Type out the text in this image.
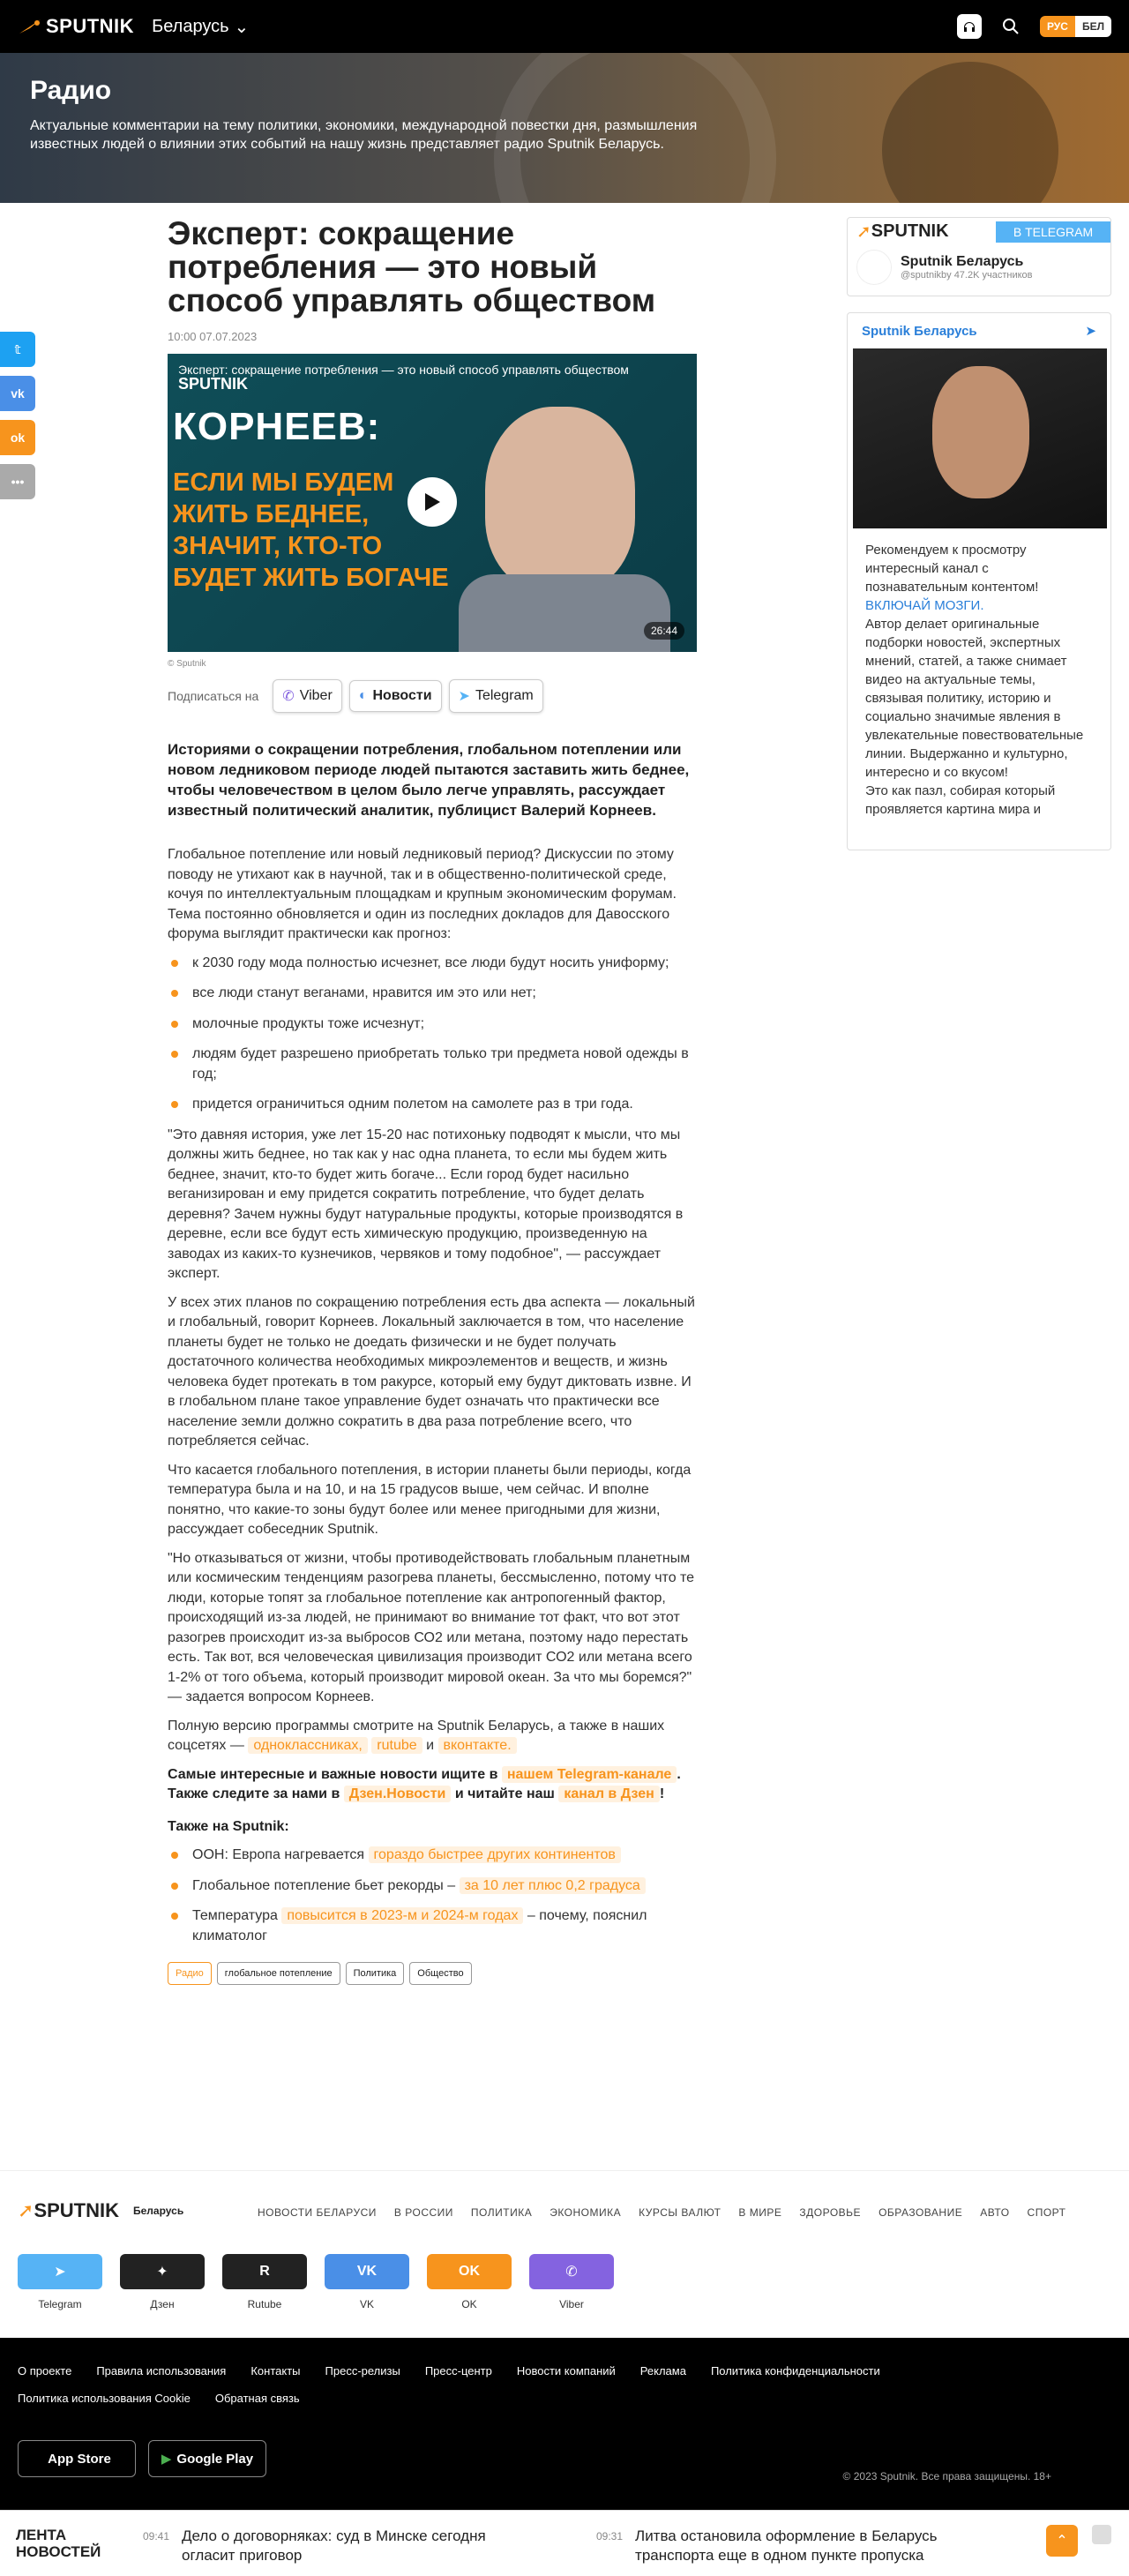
SPUTNIK Беларусь ⌄	РУС	БЕЛ
Радио

Актуальные комментарии на тему политики, экономики, международной повестки дня, размышления известных людей о влиянии этих событий на нашу жизнь представляет радио Sputnik Беларусь.

𝕥
vk
ok
•••
Эксперт: сокращение потребления — это новый способ управлять обществом
10:00 07.07.2023
Эксперт: сокращение потребления — это новый способ управлять обществом
SPUTNIK
КОРНЕЕВ:
ЕСЛИ МЫ БУДЕМ
ЖИТЬ БЕДНЕЕ,
ЗНАЧИТ, КТО-ТО
БУДЕТ ЖИТЬ БОГАЧЕ
26:44
© Sputnik
Подписаться на ✆ Viber ◐ Новости ➤ Telegram
Историями о сокращении потребления, глобальном потеплении или новом ледниковом периоде людей пытаются заставить жить беднее, чтобы человечеством в целом было легче управлять, рассуждает известный политический аналитик, публицист Валерий Корнеев.

Глобальное потепление или новый ледниковый период? Дискуссии по этому поводу не утихают как в научной, так и в общественно-политической среде, кочуя по интеллектуальным площадкам и крупным экономическим форумам. Тема постоянно обновляется и один из последних докладов для Давосского форума выглядит практически как прогноз:

к 2030 году мода полностью исчезнет, все люди будут носить униформу;
все люди станут веганами, нравится им это или нет;
молочные продукты тоже исчезнут;
людям будет разрешено приобретать только три предмета новой одежды в год;
придется ограничиться одним полетом на самолете раз в три года.

"Это давняя история, уже лет 15-20 нас потихоньку подводят к мысли, что мы должны жить беднее, но так как у нас одна планета, то если мы будем жить беднее, значит, кто-то будет жить богаче... Если город будет насильно веганизирован и ему придется сократить потребление, что будет делать деревня? Зачем нужны будут натуральные продукты, которые производятся в деревне, если все будут есть химическую продукцию, произведенную на заводах из каких-то кузнечиков, червяков и тому подобное", — рассуждает эксперт.

У всех этих планов по сокращению потребления есть два аспекта — локальный и глобальный, говорит Корнеев. Локальный заключается в том, что население планеты будет не только не доедать физически и не будет получать достаточного количества необходимых микроэлементов и веществ, и жизнь человека будет протекать в том ракурсе, который ему будут диктовать извне. И в глобальном плане такое управление будет означать что практически все население земли должно сократить в два раза потребление всего, что потребляется сейчас.

Что касается глобального потепления, в истории планеты были периоды, когда температура была и на 10, и на 15 градусов выше, чем сейчас. И вполне понятно, что какие-то зоны будут более или менее пригодными для жизни, рассуждает собеседник Sputnik.

"Но отказываться от жизни, чтобы противодействовать глобальным планетным или космическим тенденциям разогрева планеты, бессмысленно, потому что те люди, которые топят за глобальное потепление как антропогенный фактор, происходящий из-за людей, не принимают во внимание тот факт, что вот этот разогрев происходит из-за выбросов СО2 или метана, поэтому надо перестать есть. Так вот, вся человеческая цивилизация производит СО2 или метана всего 1-2% от того объема, который производит мировой океан. За что мы боремся?" — задается вопросом Корнеев.

Полную версию программы смотрите на Sputnik Беларусь, а также в наших соцсетях — одноклассниках, rutube и вконтакте.

Самые интересные и важные новости ищите в нашем Telegram-канале . Также следите за нами в Дзен.Новости и читайте наш канал в Дзен !

Также на Sputnik:

ООН: Европа нагревается гораздо быстрее других континентов
Глобальное потепление бьет рекорды – за 10 лет плюс 0,2 градуса
Температура повысится в 2023-м и 2024-м годах – почему, пояснил климатолог
Радио	глобальное потепление	Политика	Общество
➚ SPUTNIK	В TELEGRAM
Sputnik Беларусь
@sputnikby 47.2K участников
Sputnik Беларусь	➤
Рекомендуем к просмотру интересный канал с познавательным контентом!
ВКЛЮЧАЙ МОЗГИ.
Автор делает оригинальные подборки новостей, экспертных мнений, статей, а также снимает видео на актуальные темы, связывая политику, историю и социально значимые явления в увлекательные повествовательные линии. Выдержанно и культурно, интересно и со вкусом!
Это как пазл, собирая который проявляется картина мира и
➚ SPUTNIK Беларусь	НОВОСТИ БЕЛАРУСИ В РОССИИ ПОЛИТИКА ЭКОНОМИКА КУРСЫ ВАЛЮТ В МИРЕ ЗДОРОВЬЕ ОБРАЗОВАНИЕ АВТО СПОРТ
➤
Telegram
✦
Дзен
R
Rutube
VK
VK
OK
OK
✆
Viber
О проекте Правила использования Контакты Пресс-релизы Пресс-центр Новости компаний Реклама Политика конфиденциальности
Политика использования Cookie Обратная связь
App Store	▶ Google Play
© 2023 Sputnik. Все права защищены. 18+
ЛЕНТА НОВОСТЕЙ
09:41 Дело о договорняках: суд в Минске сегодня огласит приговор
09:31 Литва остановила оформление в Беларусь транспорта еще в одном пункте пропуска
⌃
